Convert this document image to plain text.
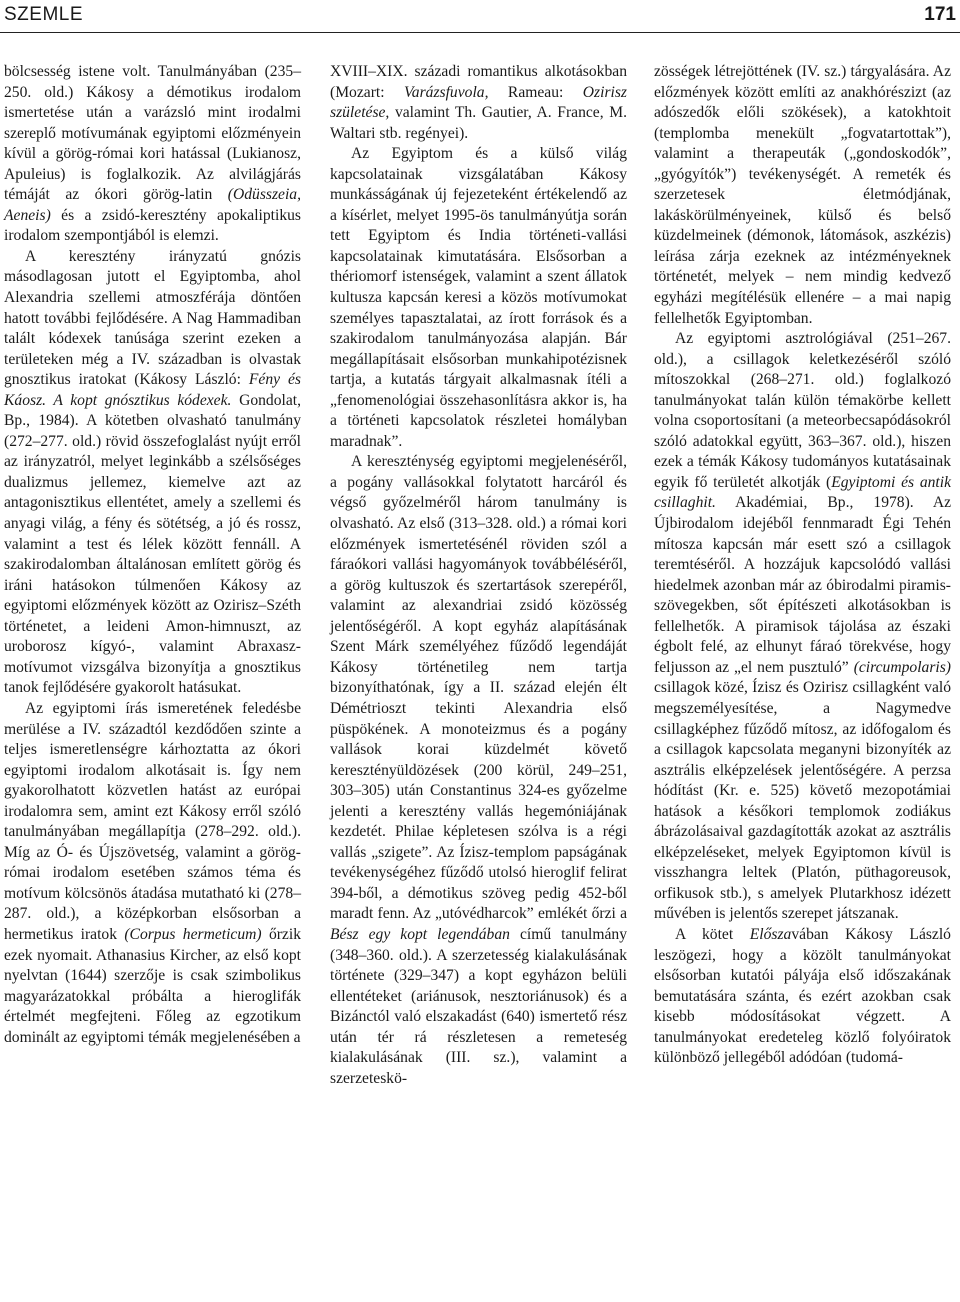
SZEMLE	171

bölcsesség istene volt. Tanulmányában (235–250. old.) Kákosy a démotikus irodalom ismertetése után a varázsló mint irodalmi szereplő motívumának egyiptomi előzményein kívül a görög-római kori hatással (Lukianosz, Apuleius) is foglalkozik. Az alvilágjárás témáját az ókori görög-latin (Odüsszeia, Aeneis) és a zsidó-keresztény apokaliptikus irodalom szempontjából is elemzi.

A keresztény irányzatú gnózis másodlagosan jutott el Egyiptomba, ahol Alexandria szellemi atmoszférája döntően hatott további fejlődésére. A Nag Hammadiban talált kódexek tanúsága szerint ezeken a területeken még a IV. században is olvastak gnosztikus iratokat (Kákosy László: Fény és Káosz. A kopt gnósztikus kódexek. Gondolat, Bp., 1984). A kötetben olvasható tanulmány (272–277. old.) rövid összefoglalást nyújt erről az irányzatról, melyet leginkább a szélsőséges dualizmus jellemez, kiemelve azt az antagonisztikus ellentétet, amely a szellemi és anyagi világ, a fény és sötétség, a jó és rossz, valamint a test és lélek között fennáll. A szakirodalomban általánosan említett görög és iráni hatásokon túlmenően Kákosy az egyiptomi előzmények között az Ozirisz–Széth történetet, a leideni Amon-himnuszt, az uroborosz kígyó-, valamint Abraxasz-motívumot vizsgálva bizonyítja a gnosztikus tanok fejlődésére gyakorolt hatásukat.

Az egyiptomi írás ismeretének feledésbe merülése a IV. századtól kezdődően szinte a teljes ismeretlenségre kárhoztatta az ókori egyiptomi irodalom alkotásait is. Így nem gyakorolhatott közvetlen hatást az európai irodalomra sem, amint ezt Kákosy erről szóló tanulmányában megállapítja (278–292. old.). Míg az Ó- és Újszövetség, valamint a görög-római irodalom esetében számos téma és motívum kölcsönös átadása mutatható ki (278–287. old.), a középkorban elsősorban a hermetikus iratok (Corpus hermeticum) őrzik ezek nyomait. Athanasius Kircher, az első kopt nyelvtan (1644) szerzője is csak szimbolikus magyarázatokkal próbálta a hieroglifák értelmét megfejteni. Főleg az egzotikum dominált az egyiptomi témák megjelenésében a

XVIII–XIX. századi romantikus alkotásokban (Mozart: Varázsfuvola, Rameau: Ozirisz születése, valamint Th. Gautier, A. France, M. Waltari stb. regényei).

Az Egyiptom és a külső világ kapcsolatainak vizsgálatában Kákosy munkásságának új fejezeteként értékelendő az a kísérlet, melyet 1995-ös tanulmányútja során tett Egyiptom és India történeti-vallási kapcsolatainak kimutatására. Elsősorban a thériomorf istenségek, valamint a szent állatok kultusza kapcsán keresi a közös motívumokat személyes tapasztalatai, az írott források és a szakirodalom tanulmányozása alapján. Bár megállapításait elsősorban munkahipotézisnek tartja, a kutatás tárgyait alkalmasnak ítéli a „fenomenológiai összehasonlításra akkor is, ha a történeti kapcsolatok részletei homályban maradnak”.

A kereszténység egyiptomi megjelenéséről, a pogány vallásokkal folytatott harcáról és végső győzelméről három tanulmány is olvasható. Az első (313–328. old.) a római kori előzmények ismertetésénél röviden szól a fáraókori vallási hagyományok továbbéléséről, a görög kultuszok és szertartások szerepéről, valamint az alexandriai zsidó közösség jelentőségéről. A kopt egyház alapításának Szent Márk személyéhez fűződő legendáját Kákosy történetileg nem tartja bizonyíthatónak, így a II. század elején élt Démétrioszt tekinti Alexandria első püspökének. A monoteizmus és a pogány vallások korai küzdelmét követő keresztényüldözések (200 körül, 249–251, 303–305) után Constantinus 324-es győzelme jelenti a keresztény vallás hegemóniájának kezdetét. Philae képletesen szólva is a régi vallás „szigete”. Az Ízisz-templom papságának tevékenységéhez fűződő utolsó hieroglif felirat 394-ből, a démotikus szöveg pedig 452-ből maradt fenn. Az „utóvédharcok” emlékét őrzi a Bész egy kopt legendában című tanulmány (348–360. old.). A szerzetesség kialakulásának története (329–347) a kopt egyházon belüli ellentéteket (ariánusok, nesztoriánusok) és a Bizánctól való elszakadást (640) ismertető rész után tér rá részletesen a remeteség kialakulásának (III. sz.), valamint a szerzeteskö-

zösségek létrejöttének (IV. sz.) tárgyalására. Az előzmények között említi az anakhórészizt (az adószedők előli szökések), a katokhtoit (templomba menekült „fogvatartottak”), valamint a therapeuták („gondoskodók”, „gyógyítók”) tevékenységét. A remeték és szerzetesek életmódjának, lakáskörülményeinek, külső és belső küzdelmeinek (démonok, látomások, aszkézis) leírása zárja ezeknek az intézményeknek történetét, melyek – nem mindig kedvező egyházi megítélésük ellenére – a mai napig fellelhetők Egyiptomban.

Az egyiptomi asztrológiával (251–267. old.), a csillagok keletkezéséről szóló mítoszokkal (268–271. old.) foglalkozó tanulmányokat talán külön témakörbe kellett volna csoportosítani (a meteorbecsapódásokról szóló adatokkal együtt, 363–367. old.), hiszen ezek a témák Kákosy tudományos kutatásainak egyik fő területét alkotják (Egyiptomi és antik csillaghit. Akadémiai, Bp., 1978). Az Újbirodalom idejéből fennmaradt Égi Tehén mítosza kapcsán már esett szó a csillagok teremtéséről. A hozzájuk kapcsolódó vallási hiedelmek azonban már az óbirodalmi piramis-szövegekben, sőt építészeti alkotásokban is fellelhetők. A piramisok tájolása az északi égbolt felé, az elhunyt fáraó törekvése, hogy feljusson az „el nem pusztuló” (circumpolaris) csillagok közé, Ízisz és Ozirisz csillagként való megszemélyesítése, a Nagymedve csillagképhez fűződő mítosz, az időfogalom és a csillagok kapcsolata meganyni bizonyíték az asztrális elképzelések jelentőségére. A perzsa hódítást (Kr. e. 525) követő mezopotámiai hatások a későkori templomok zodiákus ábrázolásaival gazdagították azokat az asztrális elképzeléseket, melyek Egyiptomon kívül is visszhangra leltek (Platón, püthagoreusok, orfikusok stb.), s amelyek Plutarkhosz idézett művében is jelentős szerepet játszanak.

A kötet Előszavában Kákosy László leszögezi, hogy a közölt tanulmányokat elsősorban kutatói pályája első időszakának bemutatására szánta, és ezért azokban csak kisebb módosításokat végzett. A tanulmányokat eredeteleg közlő folyóiratok különböző jellegéből adódóan (tudomá-
